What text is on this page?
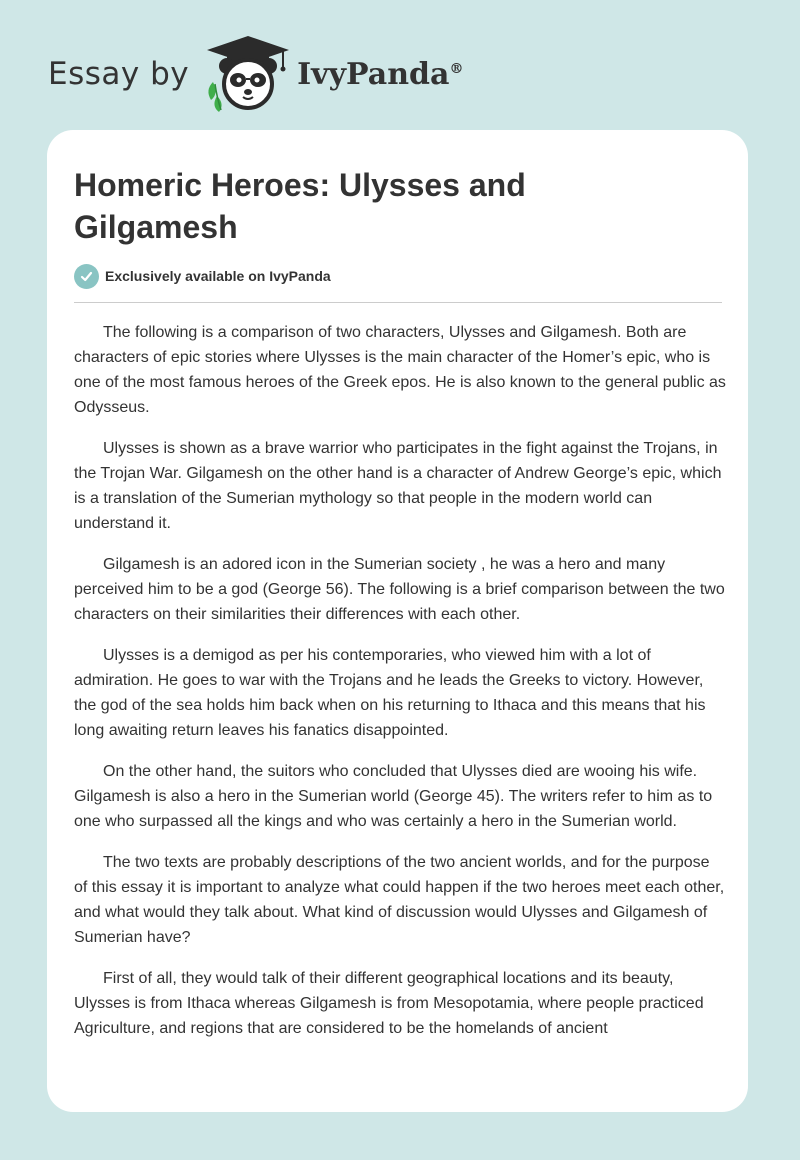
Essay by	IvyPanda®
Homeric Heroes: Ulysses and Gilgamesh
Exclusively available on IvyPanda

The following is a comparison of two characters, Ulysses and Gilgamesh. Both are characters of epic stories where Ulysses is the main character of the Homer’s epic, who is one of the most famous heroes of the Greek epos. He is also known to the general public as Odysseus.

Ulysses is shown as a brave warrior who participates in the fight against the Trojans, in the Trojan War. Gilgamesh on the other hand is a character of Andrew George’s epic, which is a translation of the Sumerian mythology so that people in the modern world can understand it.

Gilgamesh is an adored icon in the Sumerian society , he was a hero and many perceived him to be a god (George 56). The following is a brief comparison between the two characters on their similarities their differences with each other.

Ulysses is a demigod as per his contemporaries, who viewed him with a lot of admiration. He goes to war with the Trojans and he leads the Greeks to victory. However, the god of the sea holds him back when on his returning to Ithaca and this means that his long awaiting return leaves his fanatics disappointed.

On the other hand, the suitors who concluded that Ulysses died are wooing his wife. Gilgamesh is also a hero in the Sumerian world (George 45). The writers refer to him as to one who surpassed all the kings and who was certainly a hero in the Sumerian world.

The two texts are probably descriptions of the two ancient worlds, and for the purpose of this essay it is important to analyze what could happen if the two heroes meet each other, and what would they talk about. What kind of discussion would Ulysses and Gilgamesh of Sumerian have?

First of all, they would talk of their different geographical locations and its beauty, Ulysses is from Ithaca whereas Gilgamesh is from Mesopotamia, where people practiced Agriculture, and regions that are considered to be the homelands of ancient
